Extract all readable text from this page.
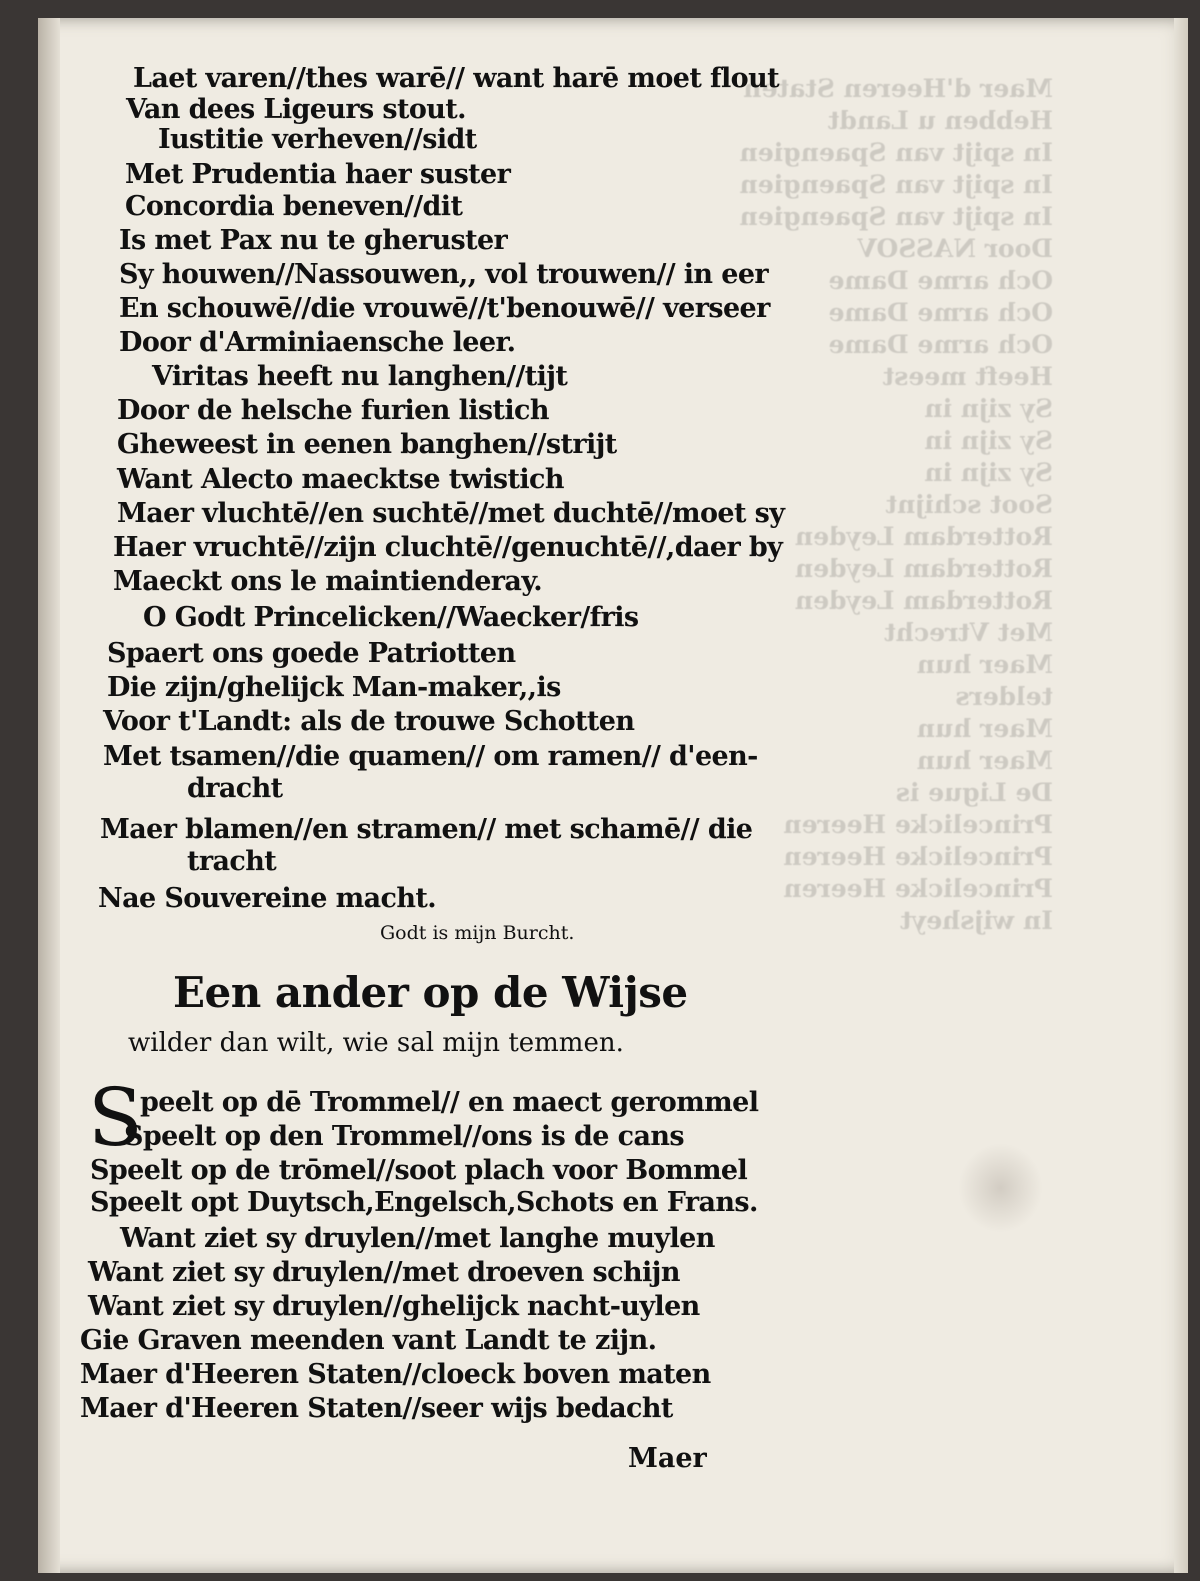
Maer d'Heeren Staten
Hebben u Landt
In spijt van Spaengien
In spijt van Spaengien
In spijt van Spaengien
Door NASSOV
Och arme Dame
Och arme Dame
Och arme Dame
Heeft meest
Sy zijn in
Sy zijn in
Sy zijn in
Soot schijnt
Rotterdam Leyden
Rotterdam Leyden
Rotterdam Leyden
Met Vtrecht
Maer hun
telders
Maer hun
Maer hun
De Ligue is
Princelicke Heeren
Princelicke Heeren
Princelicke Heeren
In wijsheyt
Laet varen//thes warē// want harē moet flout
Van dees Ligeurs stout.
Iustitie verheven//sidt
Met Prudentia haer suster
Concordia beneven//dit
Is met Pax nu te gheruster
Sy houwen//Nassouwen,, vol trouwen// in eer
En schouwē//die vrouwē//t'benouwē// verseer
Door d'Arminiaensche leer.
Viritas heeft nu langhen//tijt
Door de helsche furien listich
Gheweest in eenen banghen//strijt
Want Alecto maecktse twistich
Maer vluchtē//en suchtē//met duchtē//moet sy
Haer vruchtē//zijn cluchtē//genuchtē//,daer by
Maeckt ons le maintienderay.
O Godt Princelicken//Waecker/fris
Spaert ons goede Patriotten
Die zijn/ghelijck Man-maker,,is
Voor t'Landt: als de trouwe Schotten
Met tsamen//die quamen// om ramen// d'een-
dracht
Maer blamen//en stramen// met schamē// die
tracht
Nae Souvereine macht.
Godt is mijn Burcht.
Een ander op de Wijse
wilder dan wilt, wie sal mijn temmen.
S
peelt op dē Trommel// en maect gerommel
Speelt op den Trommel//ons is de cans
Speelt op de trōmel//soot plach voor Bommel
Speelt opt Duytsch,Engelsch,Schots en Frans.
Want ziet sy druylen//met langhe muylen
Want ziet sy druylen//met droeven schijn
Want ziet sy druylen//ghelijck nacht-uylen
Gie Graven meenden vant Landt te zijn.
Maer d'Heeren Staten//cloeck boven maten
Maer d'Heeren Staten//seer wijs bedacht
Maer
